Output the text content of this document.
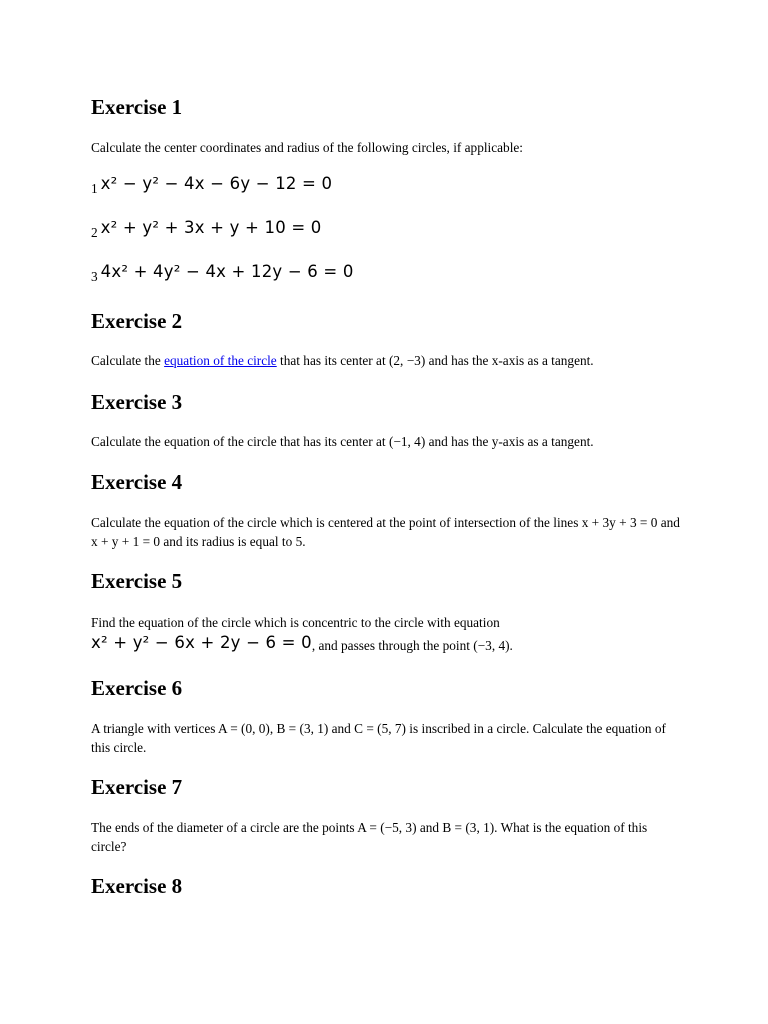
Exercise 1

Calculate the center coordinates and radius of the following circles, if applicable:

1 x² − y² − 4x − 6y − 12 = 0
2 x² + y² + 3x + y + 10 = 0
3 4x² + 4y² − 4x + 12y − 6 = 0
Exercise 2

Calculate the equation of the circle that has its center at (2, −3) and has the x-axis as a tangent.

Exercise 3

Calculate the equation of the circle that has its center at (−1, 4) and has the y-axis as a tangent.

Exercise 4

Calculate the equation of the circle which is centered at the point of intersection of the lines x + 3y + 3 = 0 and x + y + 1 = 0 and its radius is equal to 5.

Exercise 5

Find the equation of the circle which is concentric to the circle with equation
x² + y² − 6x + 2y − 6 = 0, and passes through the point (−3, 4).

Exercise 6

A triangle with vertices A = (0, 0), B = (3, 1) and C = (5, 7) is inscribed in a circle. Calculate the equation of this circle.

Exercise 7

The ends of the diameter of a circle are the points A = (−5, 3) and B = (3, 1). What is the equation of this circle?

Exercise 8
